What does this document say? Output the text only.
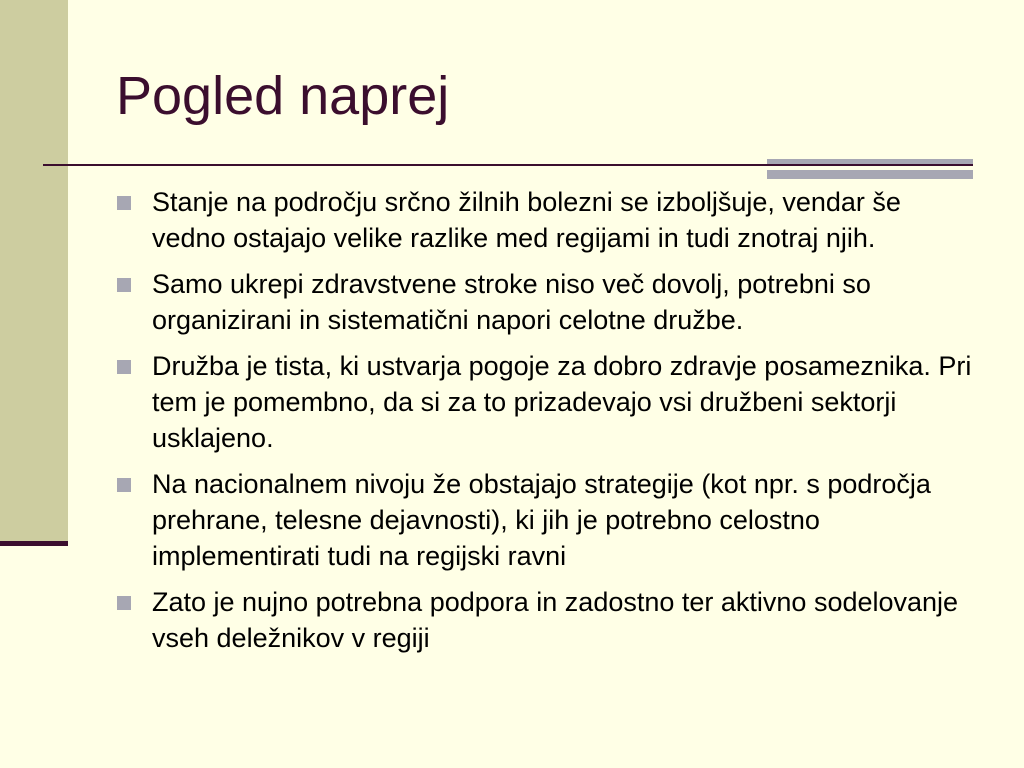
Pogled naprej
Stanje na področju srčno žilnih bolezni se izboljšuje, vendar še vedno ostajajo velike razlike med regijami in tudi znotraj njih.
Samo ukrepi zdravstvene stroke niso več dovolj, potrebni so organizirani in sistematični napori celotne družbe.
Družba je tista, ki ustvarja pogoje za dobro zdravje posameznika. Pri tem je pomembno, da si za to prizadevajo vsi družbeni sektorji usklajeno.
Na nacionalnem nivoju že obstajajo strategije (kot npr. s področja prehrane, telesne dejavnosti), ki jih je potrebno celostno implementirati tudi na regijski ravni
Zato je nujno potrebna podpora in zadostno ter aktivno sodelovanje vseh deležnikov v regiji
